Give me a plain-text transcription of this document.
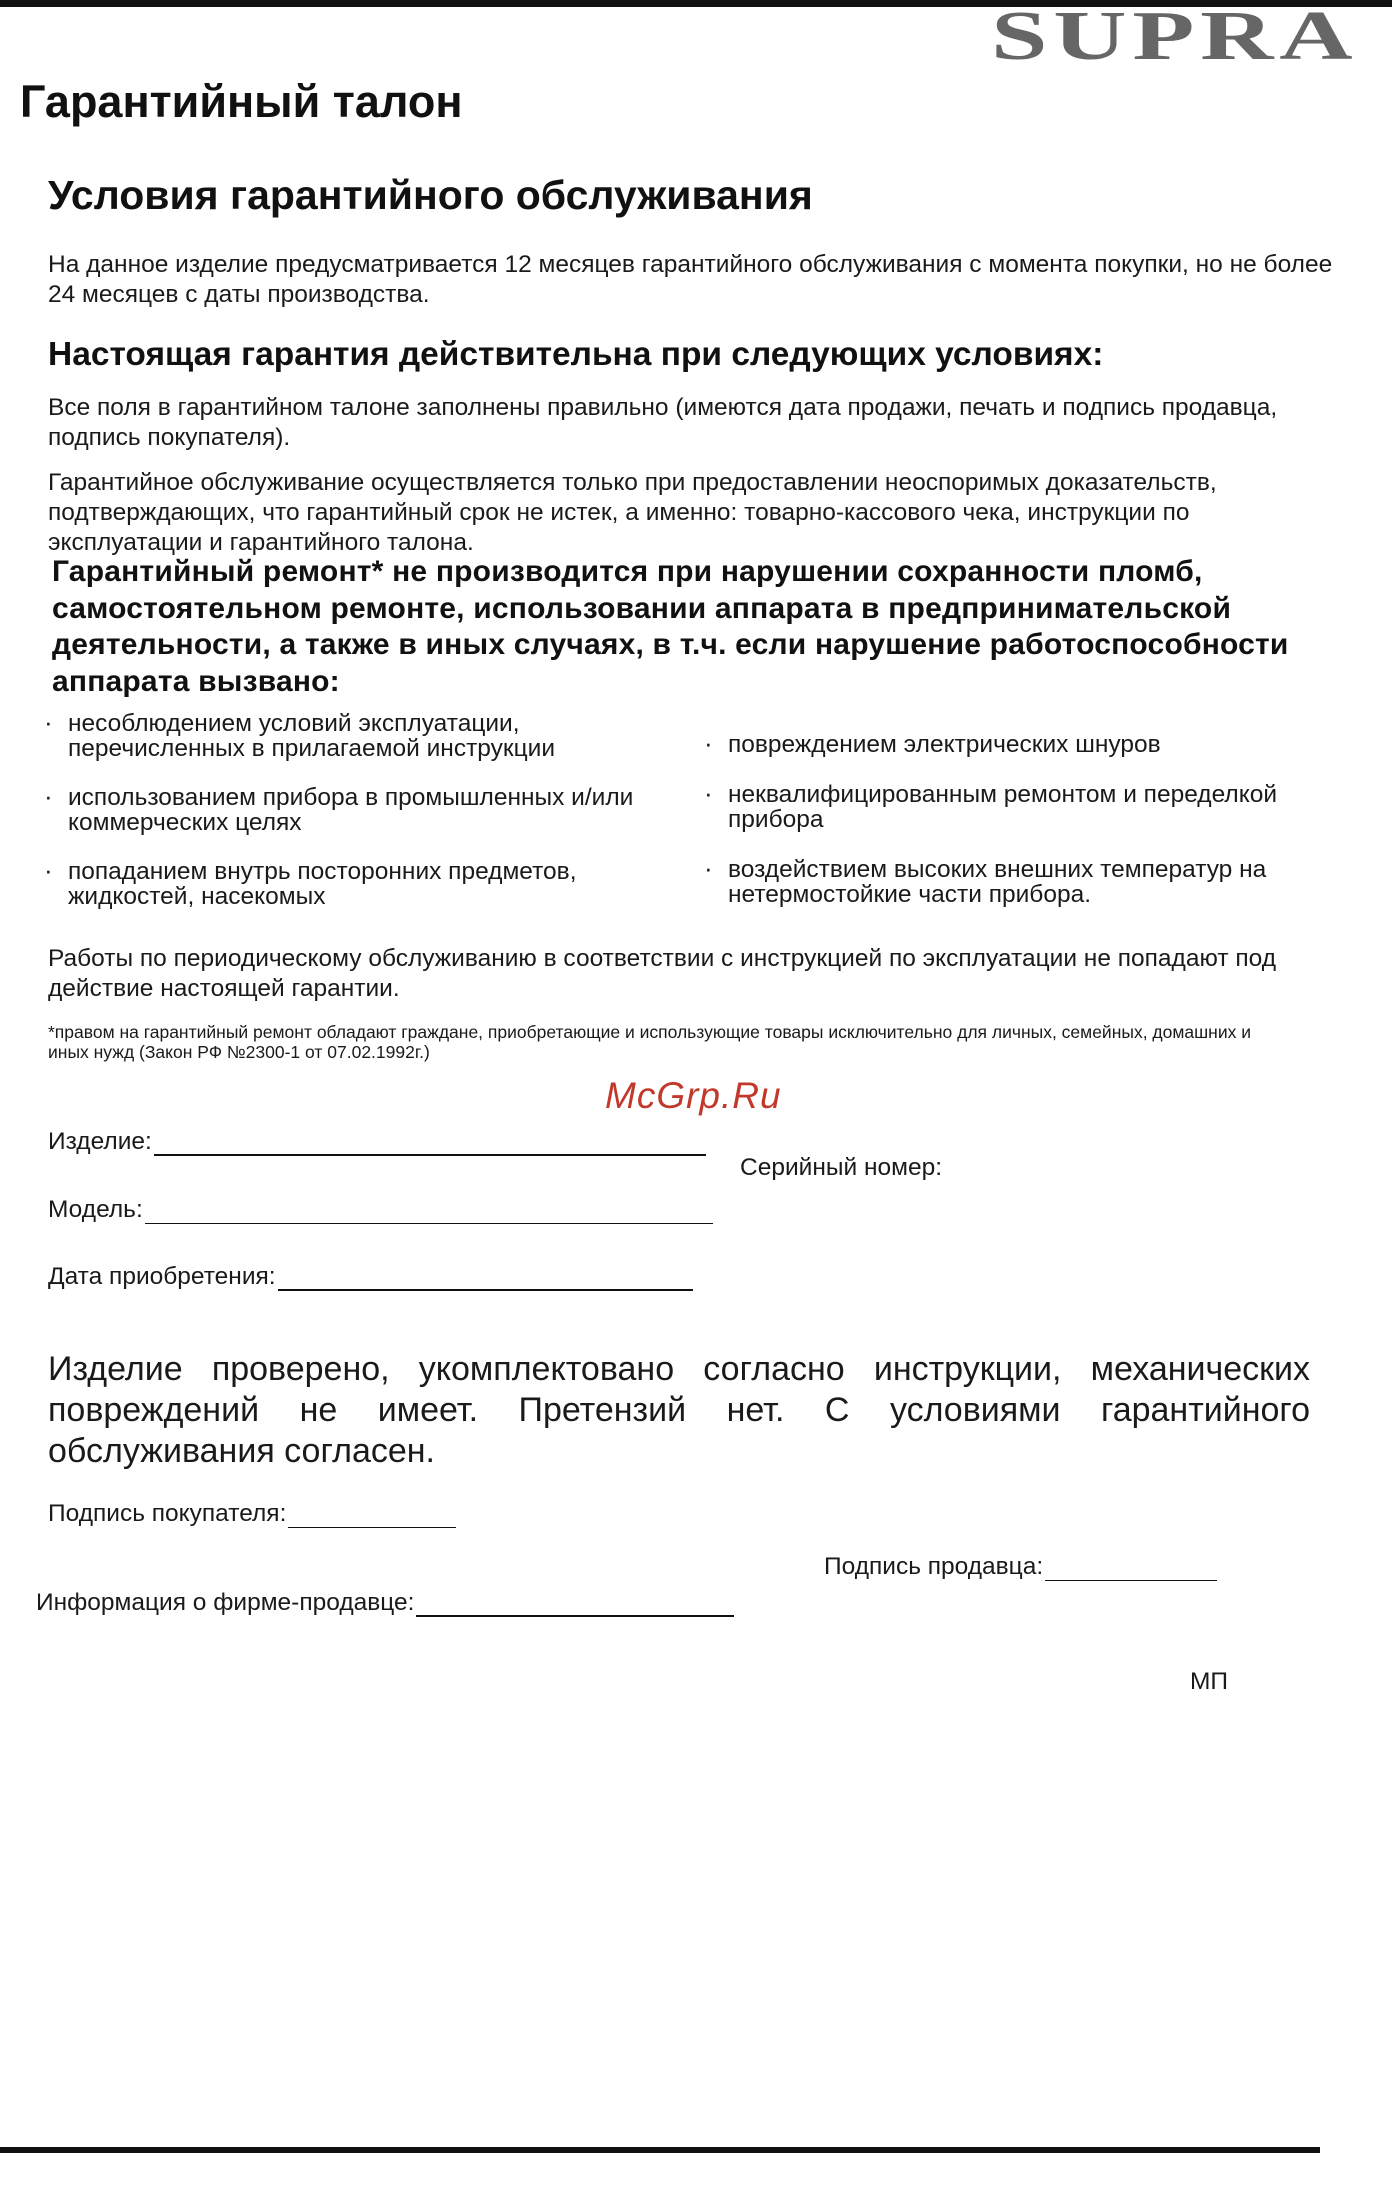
SUPRA
Гарантийный талон
Условия гарантийного обслуживания

На данное изделие предусматривается 12 месяцев гарантийного обслуживания с момента покупки, но не более 24 месяцев с даты производства.

Настоящая гарантия действительна при следующих условиях:

Все поля в гарантийном талоне заполнены правильно (имеются дата продажи, печать и подпись продавца, подпись покупателя).

Гарантийное обслуживание осуществляется только при предоставлении неоспоримых доказательств, подтверждающих, что гарантийный срок не истек, а именно: товарно-кассового чека, инструкции по эксплуатации и гарантийного талона.

Гарантийный ремонт* не производится при нарушении сохранности пломб, самостоятельном ремонте, использовании аппарата в предпринимательской деятельности, а также в иных случаях, в т.ч. если нарушение работоспособности аппарата вызвано:

· несоблюдением условий эксплуатации, перечисленных в прилагаемой инструкции
· использованием прибора в промышленных и/или коммерческих целях
· попаданием внутрь посторонних предметов, жидкостей, насекомых
· повреждением электрических шнуров
· неквалифицированным ремонтом и переделкой прибора
· воздействием высоких внешних температур на нетермостойкие части прибора.

Работы по периодическому обслуживанию в соответствии с инструкцией по эксплуатации не попадают под действие настоящей гарантии.

*правом на гарантийный ремонт обладают граждане, приобретающие и использующие товары исключительно для личных, семейных, домашних и иных нужд (Закон РФ №2300-1 от 07.02.1992г.)

McGrp.Ru
Изделие:
Серийный номер:
Модель:
Дата приобретения:

Изделие проверено, укомплектовано согласно инструкции, механических повреждений не имеет. Претензий нет. С условиями гарантийного обслуживания согласен.

Подпись покупателя:
Подпись продавца:
Информация о фирме-продавце:
МП
